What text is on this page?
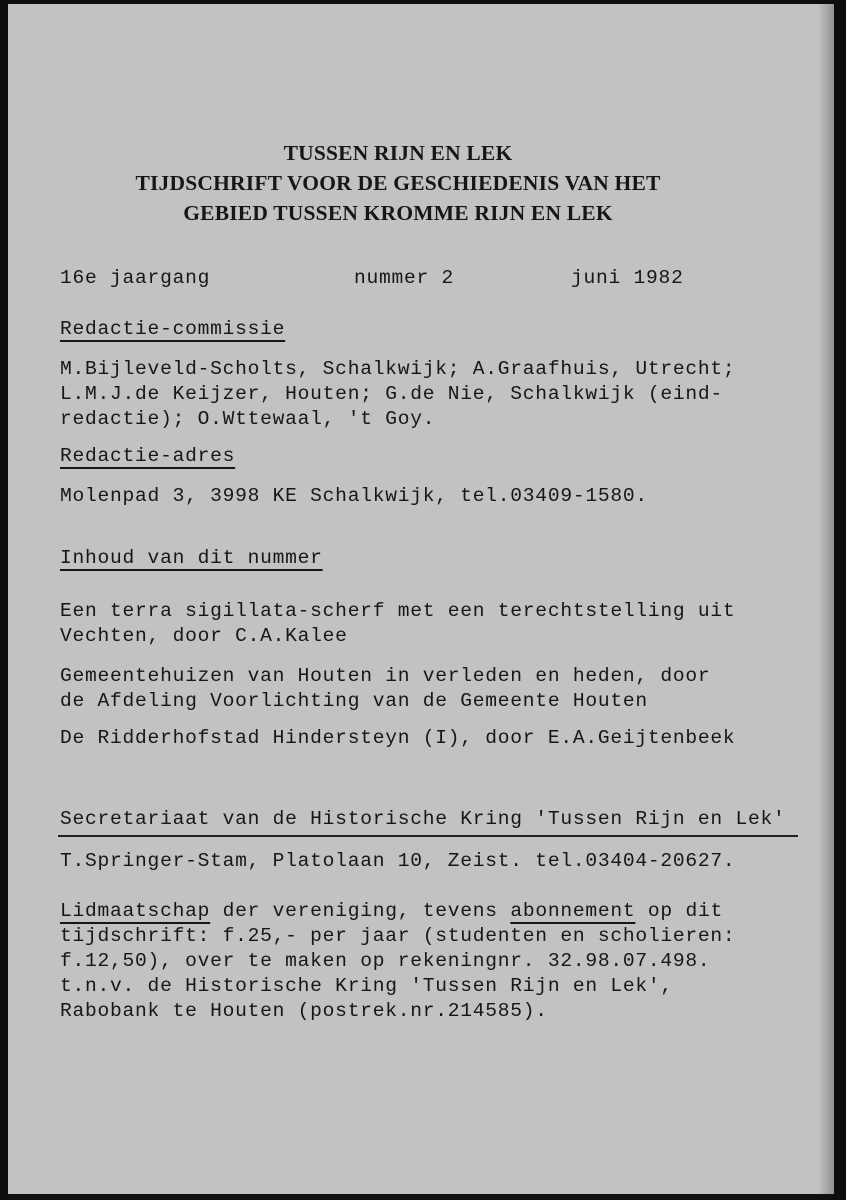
TUSSEN RIJN EN LEK
TIJDSCHRIFT VOOR DE GESCHIEDENIS VAN HET
GEBIED TUSSEN KROMME RIJN EN LEK
16e jaargang	nummer 2	juni 1982
Redactie-commissie
M.Bijleveld-Scholts, Schalkwijk; A.Graafhuis, Utrecht;
L.M.J.de Keijzer, Houten; G.de Nie, Schalkwijk (eind-
redactie); O.Wttewaal, 't Goy.
Redactie-adres
Molenpad 3, 3998 KE Schalkwijk, tel.03409-1580.
Inhoud van dit nummer
Een terra sigillata-scherf met een terechtstelling uit
Vechten, door C.A.Kalee
Gemeentehuizen van Houten in verleden en heden, door
de Afdeling Voorlichting van de Gemeente Houten
De Ridderhofstad Hindersteyn (I), door E.A.Geijtenbeek
Secretariaat van de Historische Kring 'Tussen Rijn en Lek'
T.Springer-Stam, Platolaan 10, Zeist. tel.03404-20627.
Lidmaatschap der vereniging, tevens abonnement op dit
tijdschrift: f.25,- per jaar (studenten en scholieren:
f.12,50), over te maken op rekeningnr. 32.98.07.498.
t.n.v. de Historische Kring 'Tussen Rijn en Lek',
Rabobank te Houten (postrek.nr.214585).
